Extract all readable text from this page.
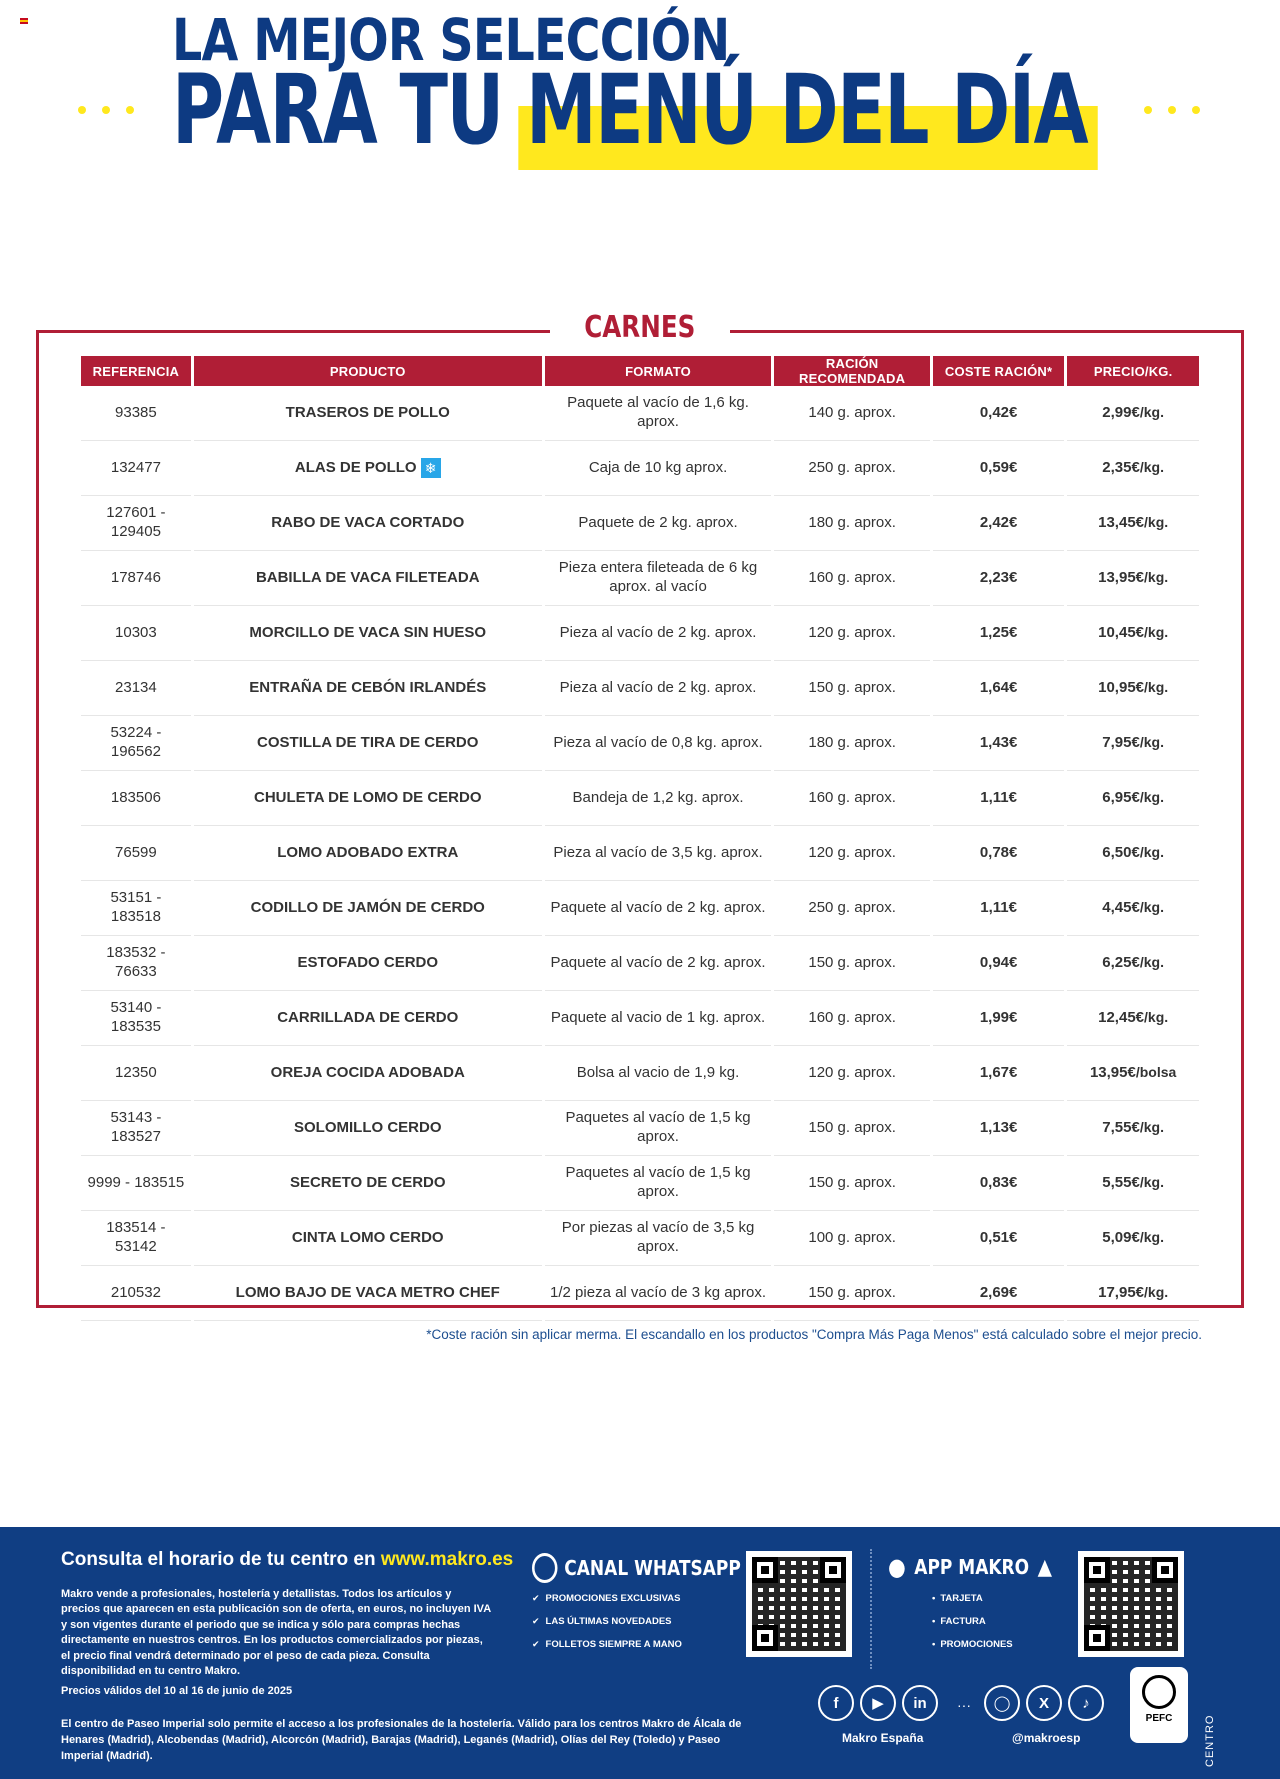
LA MEJOR SELECCIÓN
PARA TU MENÚ DEL DÍA
CARNES
REFERENCIA	PRODUCTO	FORMATO	RACIÓN RECOMENDADA	COSTE RACIÓN*	PRECIO/KG.
93385	TRASEROS DE POLLO	Paquete al vacío de 1,6 kg. aprox.	140 g. aprox.	0,42€	2,99€/kg.
132477	ALAS DE POLLO ❄	Caja de 10 kg aprox.	250 g. aprox.	0,59€	2,35€/kg.
127601 - 129405	RABO DE VACA CORTADO	Paquete de 2 kg. aprox.	180 g. aprox.	2,42€	13,45€/kg.
178746	BABILLA DE VACA FILETEADA	Pieza entera fileteada de 6 kg aprox. al vacío	160 g. aprox.	2,23€	13,95€/kg.
10303	MORCILLO DE VACA SIN HUESO	Pieza al vacío de 2 kg. aprox.	120 g. aprox.	1,25€	10,45€/kg.
23134	ENTRAÑA DE CEBÓN IRLANDÉS	Pieza al vacío de 2 kg. aprox.	150 g. aprox.	1,64€	10,95€/kg.
53224 - 196562	COSTILLA DE TIRA DE CERDO	Pieza al vacío de 0,8 kg. aprox.	180 g. aprox.	1,43€	7,95€/kg.
183506	CHULETA DE LOMO DE CERDO	Bandeja de 1,2 kg. aprox.	160 g. aprox.	1,11€	6,95€/kg.
76599	LOMO ADOBADO EXTRA	Pieza al vacío de 3,5 kg. aprox.	120 g. aprox.	0,78€	6,50€/kg.
53151 - 183518	CODILLO DE JAMÓN DE CERDO	Paquete al vacío de 2 kg. aprox.	250 g. aprox.	1,11€	4,45€/kg.
183532 - 76633	ESTOFADO CERDO	Paquete al vacío de 2 kg. aprox.	150 g. aprox.	0,94€	6,25€/kg.
53140 - 183535	CARRILLADA DE CERDO	Paquete al vacio de 1 kg. aprox.	160 g. aprox.	1,99€	12,45€/kg.
12350	OREJA COCIDA ADOBADA	Bolsa al vacio de 1,9 kg.	120 g. aprox.	1,67€	13,95€/bolsa
53143 - 183527	SOLOMILLO CERDO	Paquetes al vacío de 1,5 kg aprox.	150 g. aprox.	1,13€	7,55€/kg.
9999 - 183515	SECRETO DE CERDO	Paquetes al vacío de 1,5 kg aprox.	150 g. aprox.	0,83€	5,55€/kg.
183514 - 53142	CINTA LOMO CERDO	Por piezas al vacío de 3,5 kg aprox.	100 g. aprox.	0,51€	5,09€/kg.
210532	LOMO BAJO DE VACA METRO CHEF	1/2 pieza al vacío de 3 kg aprox.	150 g. aprox.	2,69€	17,95€/kg.
*Coste ración sin aplicar merma. El escandallo en los productos "Compra Más Paga Menos" está calculado sobre el mejor precio.
Consulta el horario de tu centro en www.makro.es
Makro vende a profesionales, hostelería y detallistas. Todos los artículos y precios que aparecen en esta publicación son de oferta, en euros, no incluyen IVA y son vigentes durante el periodo que se indica y sólo para compras hechas directamente en nuestros centros. En los productos comercializados por piezas, el precio final vendrá determinado por el peso de cada pieza. Consulta disponibilidad en tu centro Makro.
Precios válidos del 10 al 16 de junio de 2025
El centro de Paseo Imperial solo permite el acceso a los profesionales de la hostelería. Válido para los centros Makro de Álcala de Henares (Madrid), Alcobendas (Madrid), Alcorcón (Madrid), Barajas (Madrid), Leganés (Madrid), Olías del Rey (Toledo) y Paseo Imperial (Madrid).
CANAL WHATSAPP
✔ PROMOCIONES EXCLUSIVAS
✔ LAS ÚLTIMAS NOVEDADES
✔ FOLLETOS SIEMPRE A MANO
● APP MAKRO ▲
• TARJETA
• FACTURA
• PROMOCIONES
f	▶	in	···	◯	X	♪
Makro España	@makroesp
PEFC	CENTRO
